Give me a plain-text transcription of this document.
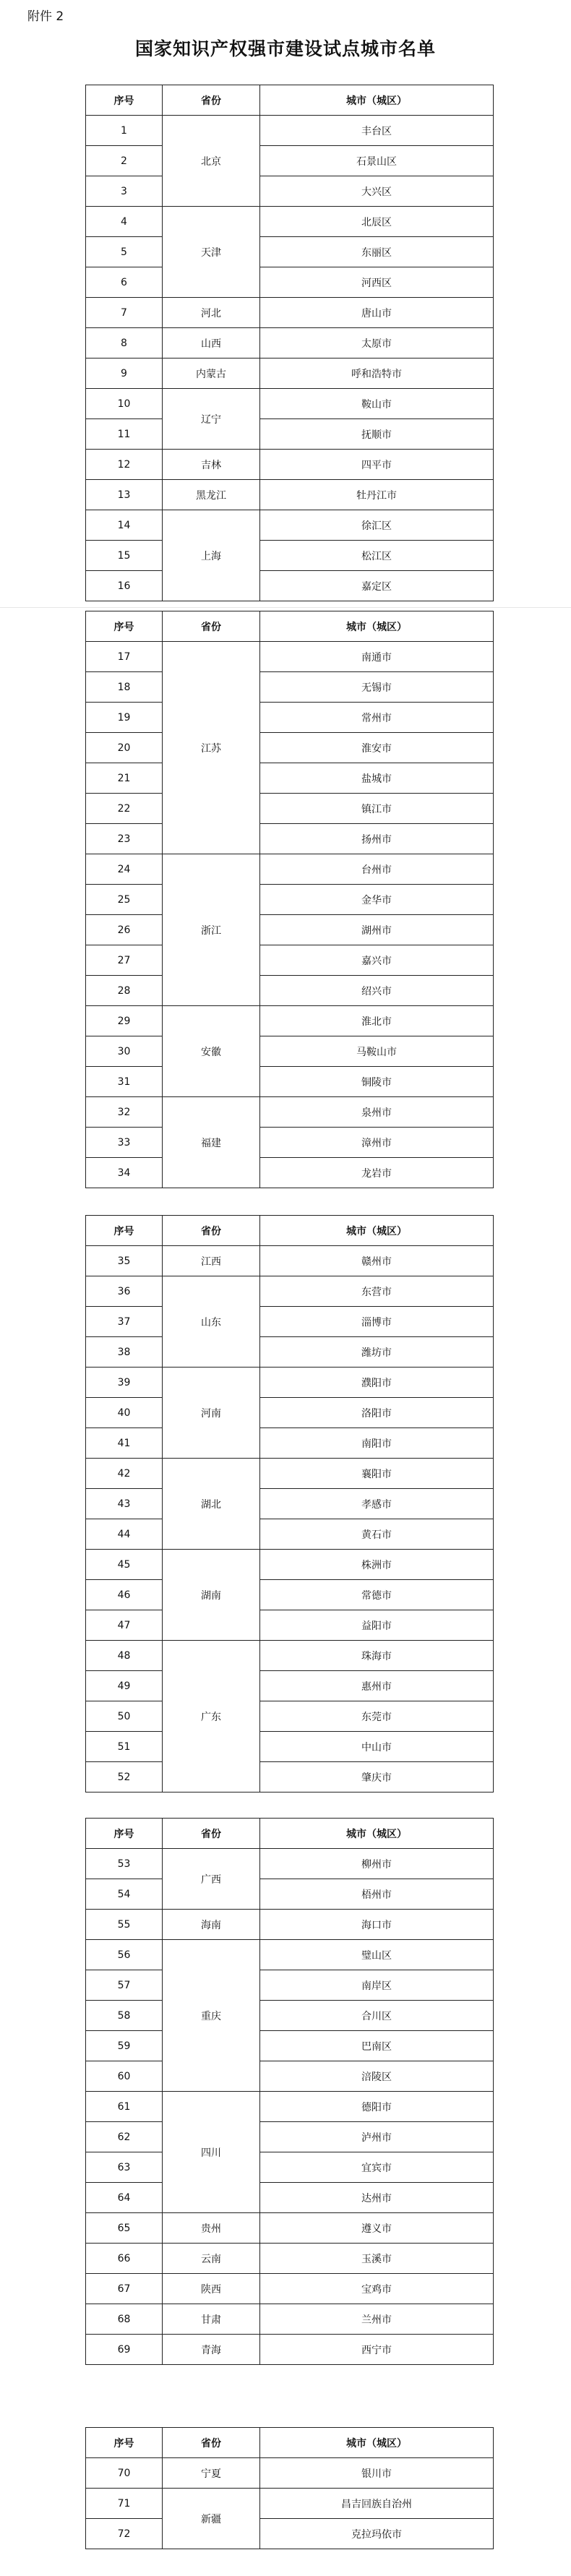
附件 2
国家知识产权强市建设试点城市名单
序号	省份	城市（城区）
1	北京	丰台区
2		石景山区
3		大兴区
4	天津	北辰区
5		东丽区
6		河西区
7	河北	唐山市
8	山西	太原市
9	内蒙古	呼和浩特市
10	辽宁	鞍山市
11		抚顺市
12	吉林	四平市
13	黑龙江	牡丹江市
14	上海	徐汇区
15		松江区
16		嘉定区
序号	省份	城市（城区）
17	江苏	南通市
18		无锡市
19		常州市
20		淮安市
21		盐城市
22		镇江市
23		扬州市
24	浙江	台州市
25		金华市
26		湖州市
27		嘉兴市
28		绍兴市
29	安徽	淮北市
30		马鞍山市
31		铜陵市
32	福建	泉州市
33		漳州市
34		龙岩市
序号	省份	城市（城区）
35	江西	赣州市
36	山东	东营市
37		淄博市
38		潍坊市
39	河南	濮阳市
40		洛阳市
41		南阳市
42	湖北	襄阳市
43		孝感市
44		黄石市
45	湖南	株洲市
46		常德市
47		益阳市
48	广东	珠海市
49		惠州市
50		东莞市
51		中山市
52		肇庆市
序号	省份	城市（城区）
53	广西	柳州市
54		梧州市
55	海南	海口市
56	重庆	璧山区
57		南岸区
58		合川区
59		巴南区
60		涪陵区
61	四川	德阳市
62		泸州市
63		宜宾市
64		达州市
65	贵州	遵义市
66	云南	玉溪市
67	陕西	宝鸡市
68	甘肃	兰州市
69	青海	西宁市
序号	省份	城市（城区）
70	宁夏	银川市
71	新疆	昌吉回族自治州
72		克拉玛依市
